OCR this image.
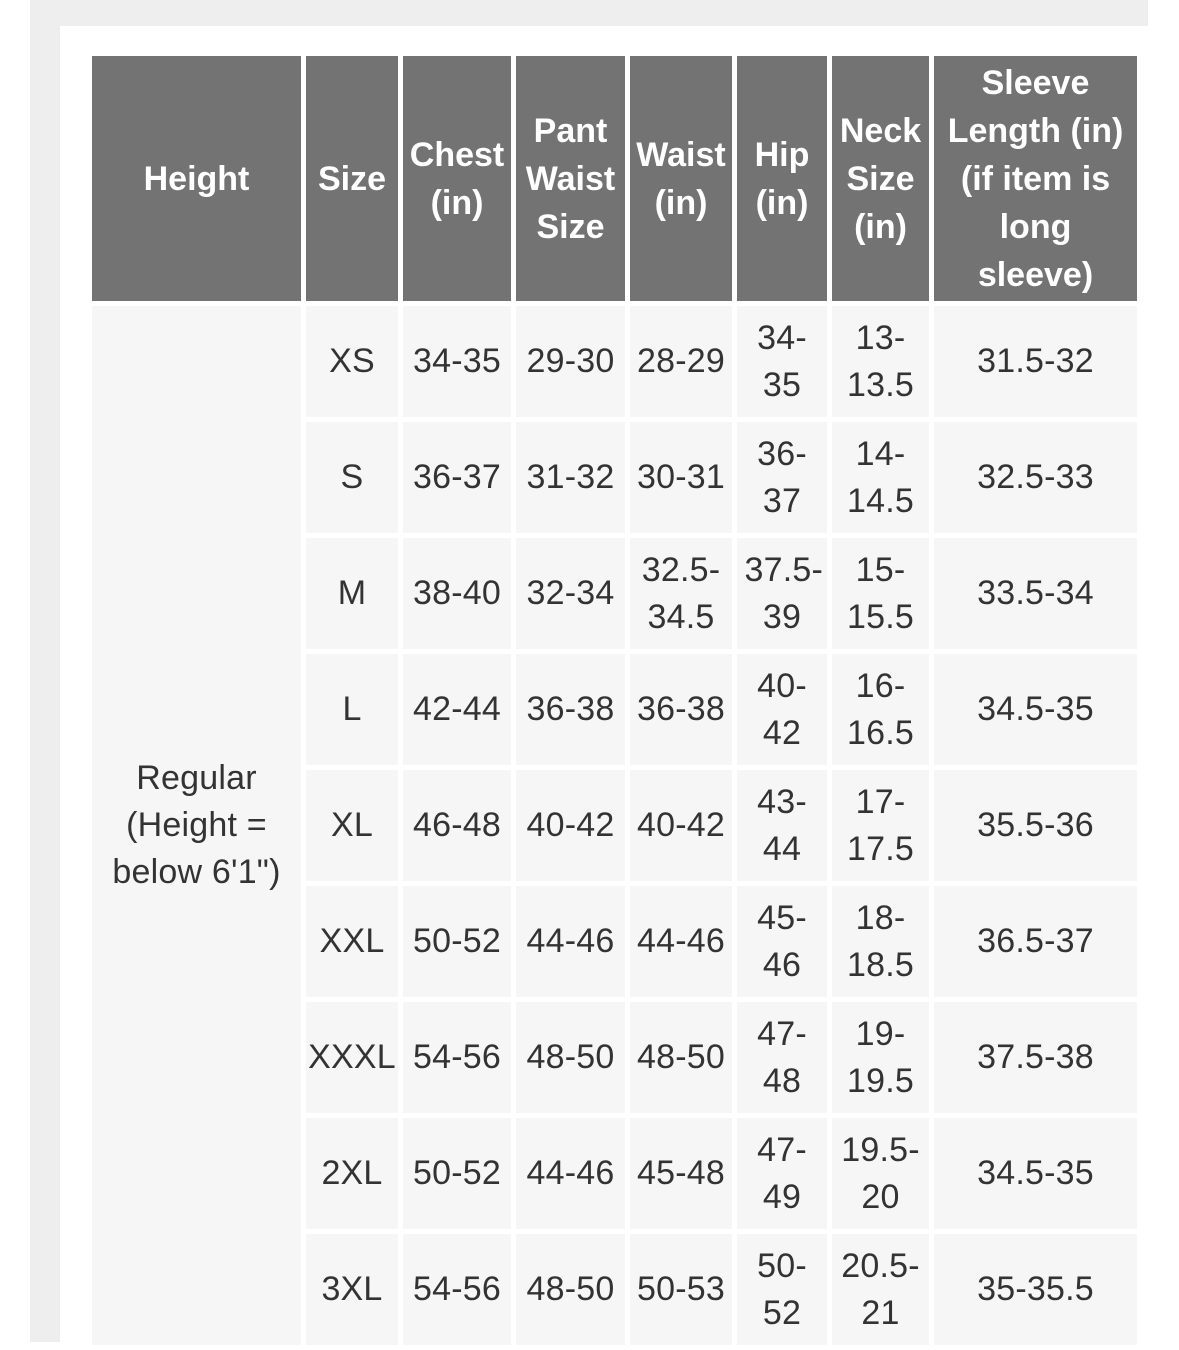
Height	Size	Chest (in)	Pant Waist Size	Waist (in)	Hip (in)	Neck Size (in)	Sleeve Length (in) (if item is long sleeve)
Regular (Height = below 6'1")	XS	34-35	29-30	28-29	34-35	13-13.5	31.5-32
	S	36-37	31-32	30-31	36-37	14-14.5	32.5-33
	M	38-40	32-34	32.5-34.5	37.5-39	15-15.5	33.5-34
	L	42-44	36-38	36-38	40-42	16-16.5	34.5-35
	XL	46-48	40-42	40-42	43-44	17-17.5	35.5-36
	XXL	50-52	44-46	44-46	45-46	18-18.5	36.5-37
	XXXL	54-56	48-50	48-50	47-48	19-19.5	37.5-38
	2XL	50-52	44-46	45-48	47-49	19.5-20	34.5-35
	3XL	54-56	48-50	50-53	50-52	20.5-21	35-35.5
